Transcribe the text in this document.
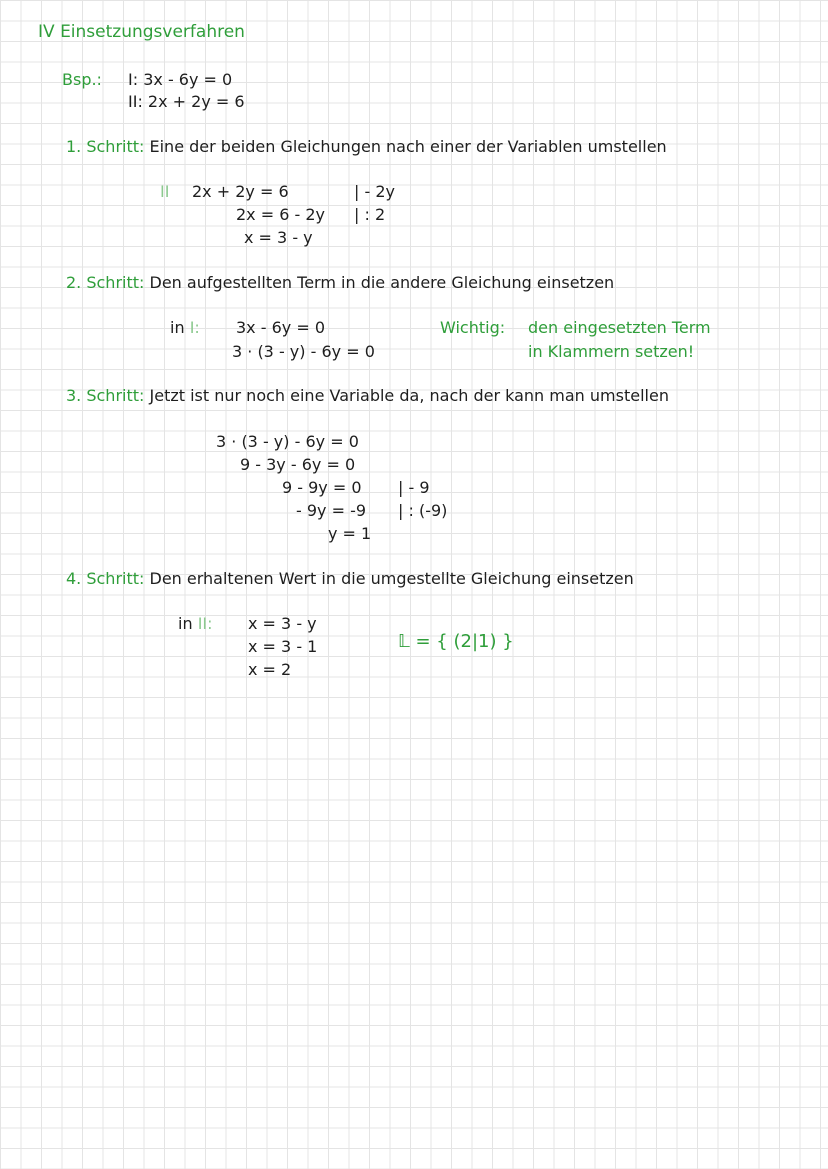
IV Einsetzungsverfahren
Bsp.: I: 3x - 6y = 0
II: 2x + 2y = 6
1. Schritt: Eine der beiden Gleichungen nach einer der Variablen umstellen
II 2x + 2y = 6
2x = 6 - 2y
x = 3 - y
| - 2y
| : 2
2. Schritt: Den aufgestellten Term in die andere Gleichung einsetzen
in I: 3x - 6y = 0
3 · (3 - y) - 6y = 0
Wichtig: den eingesetzten Term
in Klammern setzen!
3. Schritt: Jetzt ist nur noch eine Variable da, nach der kann man umstellen
3 · (3 - y) - 6y = 0
9 - 3y - 6y = 0
9 - 9y = 0
- 9y = -9
y = 1
| - 9
| : (-9)
4. Schritt: Den erhaltenen Wert in die umgestellte Gleichung einsetzen
in II: x = 3 - y
x = 3 - 1
x = 2
𝕃 = { (2|1) }
